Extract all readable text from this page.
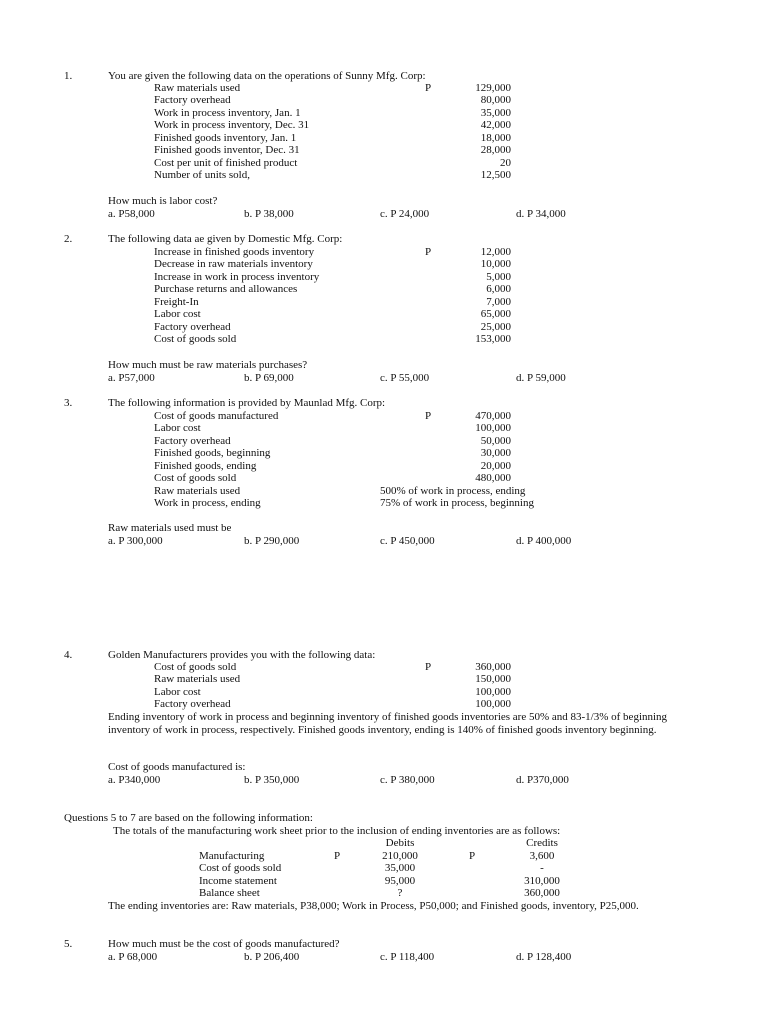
1.	You are given the following data on the operations of Sunny Mfg. Corp:
Raw materials used	P	129,000
Factory overhead	80,000
Work in process inventory, Jan. 1	35,000
Work in process inventory, Dec. 31	42,000
Finished goods inventory, Jan. 1	18,000
Finished goods inventor, Dec. 31	28,000
Cost per unit of finished product	20
Number of units sold,	12,500
How much is labor cost?
a. P58,000	b. P 38,000	c. P 24,000	d. P 34,000
2.	The following data ae given by Domestic Mfg. Corp:
Increase in finished goods inventory	P	12,000
Decrease in raw materials inventory	10,000
Increase in work in process inventory	5,000
Purchase returns and allowances	6,000
Freight-In	7,000
Labor cost	65,000
Factory overhead	25,000
Cost of goods sold	153,000
How much must be raw materials purchases?
a. P57,000	b. P 69,000	c. P 55,000	d. P 59,000
3.	The following information is provided by Maunlad Mfg. Corp:
Cost of goods manufactured	P	470,000
Labor cost	100,000
Factory overhead	50,000
Finished goods, beginning	30,000
Finished goods, ending	20,000
Cost of goods sold	480,000
Raw materials used	500% of work in process, ending
Work in process, ending	75% of work in process, beginning
Raw materials used must be
a. P 300,000	b. P 290,000	c. P 450,000	d. P 400,000
4.	Golden Manufacturers provides you with the following data:
Cost of goods sold	P	360,000
Raw materials used	150,000
Labor cost	100,000
Factory overhead	100,000
Ending inventory of work in process and beginning inventory of finished goods inventories are 50% and 83-1/3% of beginning inventory of work in process, respectively. Finished goods inventory, ending is 140% of finished goods inventory beginning.
Cost of goods manufactured is:
a. P340,000	b. P 350,000	c. P 380,000	d. P370,000
Questions 5 to 7 are based on the following information:
The totals of the manufacturing work sheet prior to the inclusion of ending inventories are as follows:
Debits	Credits
Manufacturing	P	210,000	P	3,600
Cost of goods sold	35,000	-
Income statement	95,000	310,000
Balance sheet	?	360,000
The ending inventories are: Raw materials, P38,000; Work in Process, P50,000; and Finished goods, inventory, P25,000.
5.	How much must be the cost of goods manufactured?
a. P 68,000	b. P 206,400	c. P 118,400	d. P 128,400
